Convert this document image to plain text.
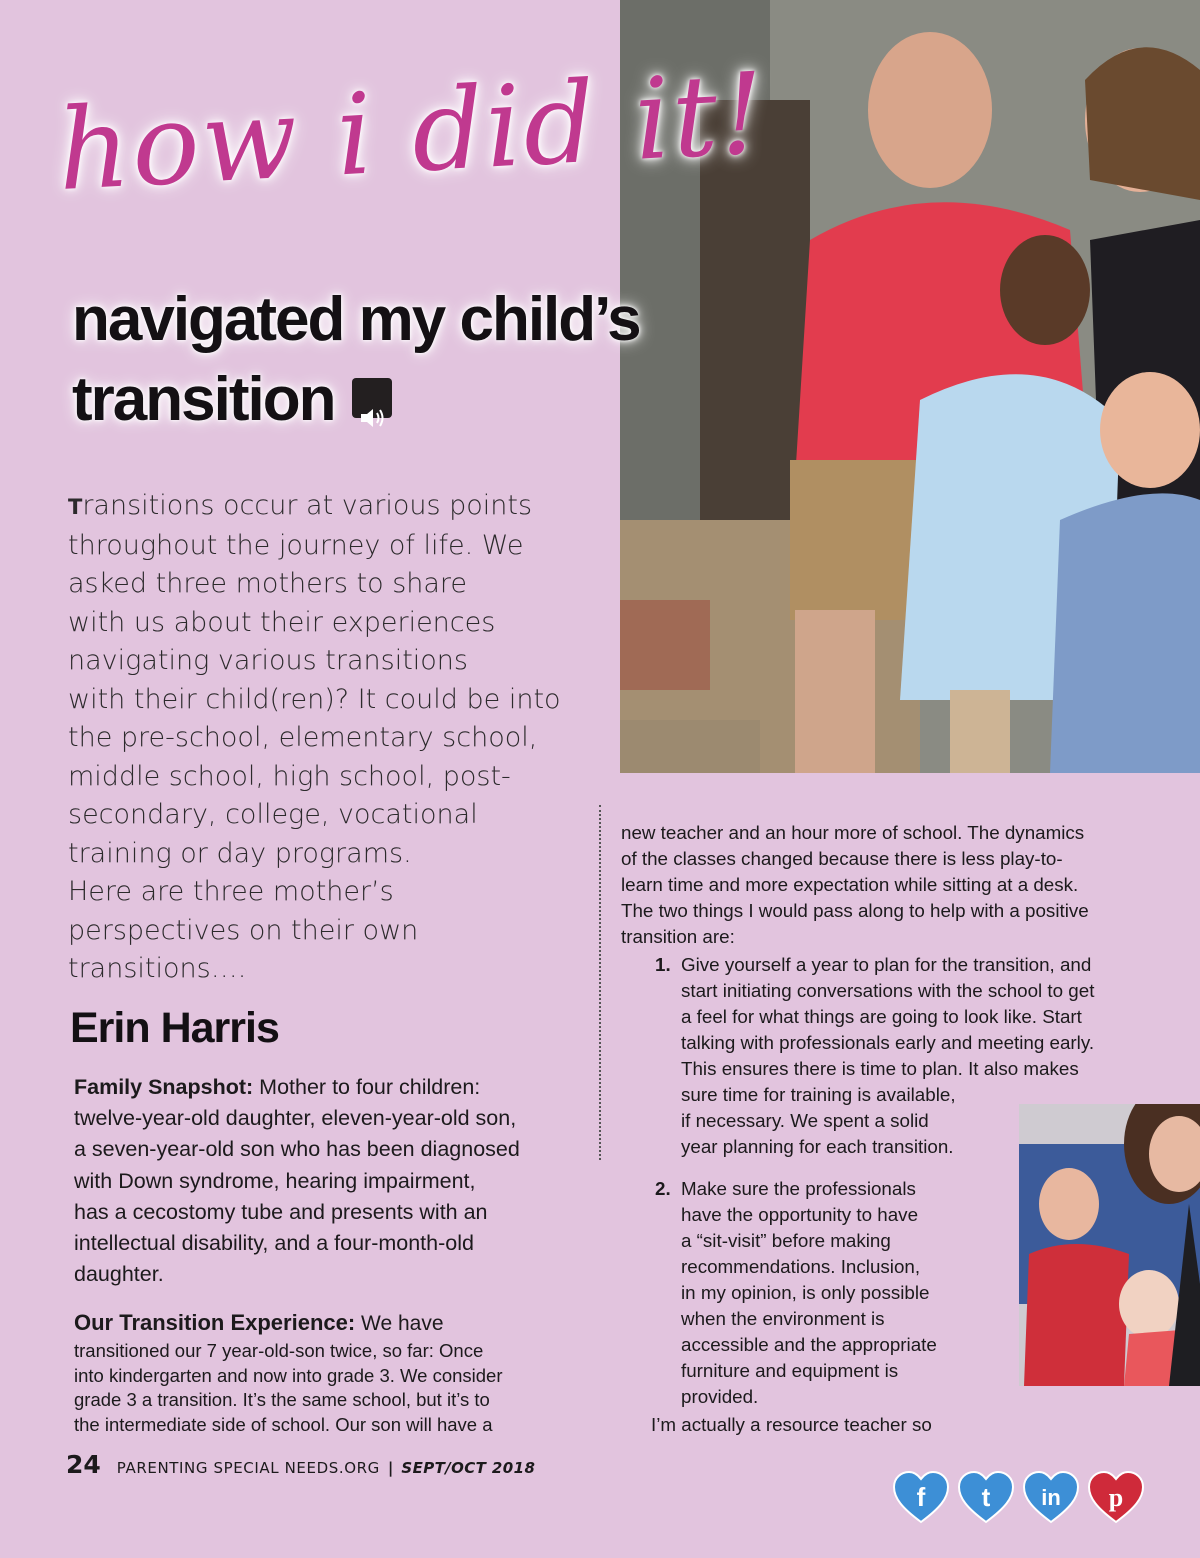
how i did it!
navigated my child’s
transition
Transitions occur at various points
throughout the journey of life. We
asked three mothers to share
with us about their experiences
navigating various transitions
with their child(ren)? It could be into
the pre-school, elementary school,
middle school, high school, post-
secondary, college, vocational
training or day programs.
Here are three mother’s
perspectives on their own
transitions….
Erin Harris
Family Snapshot: Mother to four children:
twelve-year-old daughter, eleven-year-old son,
a seven-year-old son who has been diagnosed
with Down syndrome, hearing impairment,
has a cecostomy tube and presents with an
intellectual disability, and a four-month-old
daughter.
Our Transition Experience: We have
transitioned our 7 year-old-son twice, so far: Once
into kindergarten and now into grade 3. We consider
grade 3 a transition. It’s the same school, but it’s to
the intermediate side of school. Our son will have a
new teacher and an hour more of school. The dynamics
of the classes changed because there is less play-to-
learn time and more expectation while sitting at a desk.
The two things I would pass along to help with a positive
transition are:
1. Give yourself a year to plan for the transition, and
start initiating conversations with the school to get
a feel for what things are going to look like. Start
talking with professionals early and meeting early.
This ensures there is time to plan. It also makes
sure time for training is available,
if necessary. We spent a solid
year planning for each transition.
2. Make sure the professionals
have the opportunity to have
a “sit-visit” before making
recommendations. Inclusion,
in my opinion, is only possible
when the environment is
accessible and the appropriate
furniture and equipment is
provided.
I’m actually a resource teacher so
24 PARENTING SPECIAL NEEDS.ORG | SEPT/OCT 2018
f t in p
